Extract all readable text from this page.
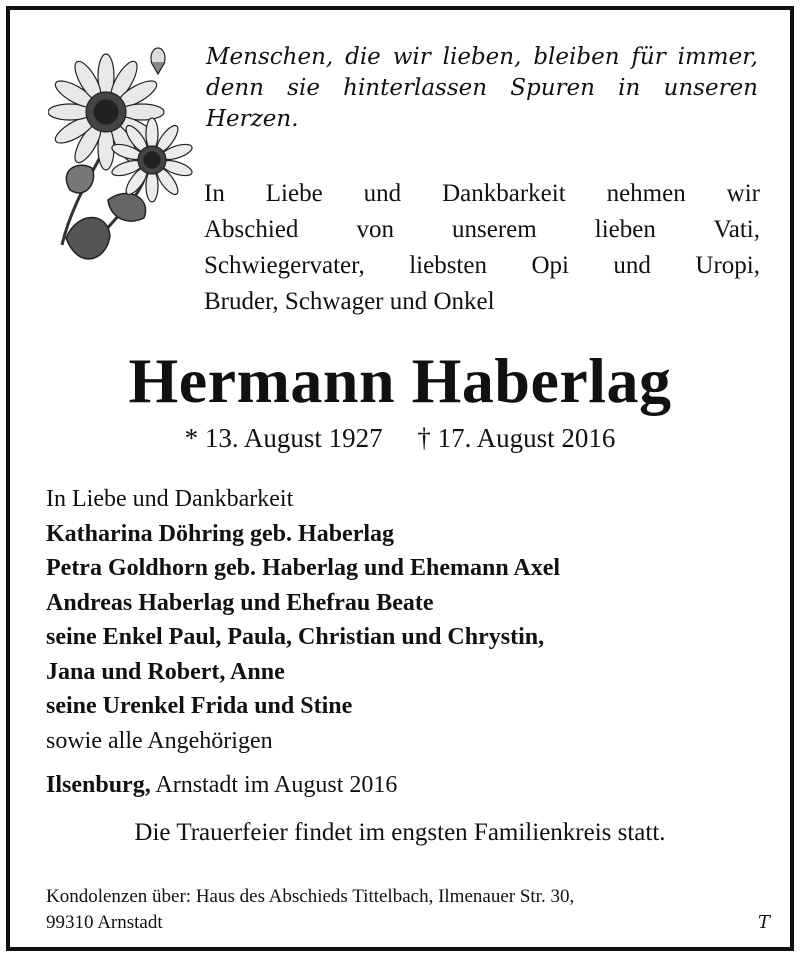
Menschen, die wir lieben, bleiben für immer,
denn sie hinterlassen Spuren in unseren
Herzen.
In Liebe und Dankbarkeit nehmen wir
Abschied von unserem lieben Vati,
Schwiegervater, liebsten Opi und Uropi,
Bruder, Schwager und Onkel
Hermann Haberlag
* 13. August 1927 † 17. August 2016
In Liebe und Dankbarkeit
Katharina Döhring geb. Haberlag
Petra Goldhorn geb. Haberlag und Ehemann Axel
Andreas Haberlag und Ehefrau Beate
seine Enkel Paul, Paula, Christian und Chrystin,
Jana und Robert, Anne
seine Urenkel Frida und Stine
sowie alle Angehörigen
Ilsenburg, Arnstadt im August 2016
Die Trauerfeier findet im engsten Familienkreis statt.
Kondolenzen über: Haus des Abschieds Tittelbach, Ilmenauer Str. 30,
99310 Arnstadt	T
